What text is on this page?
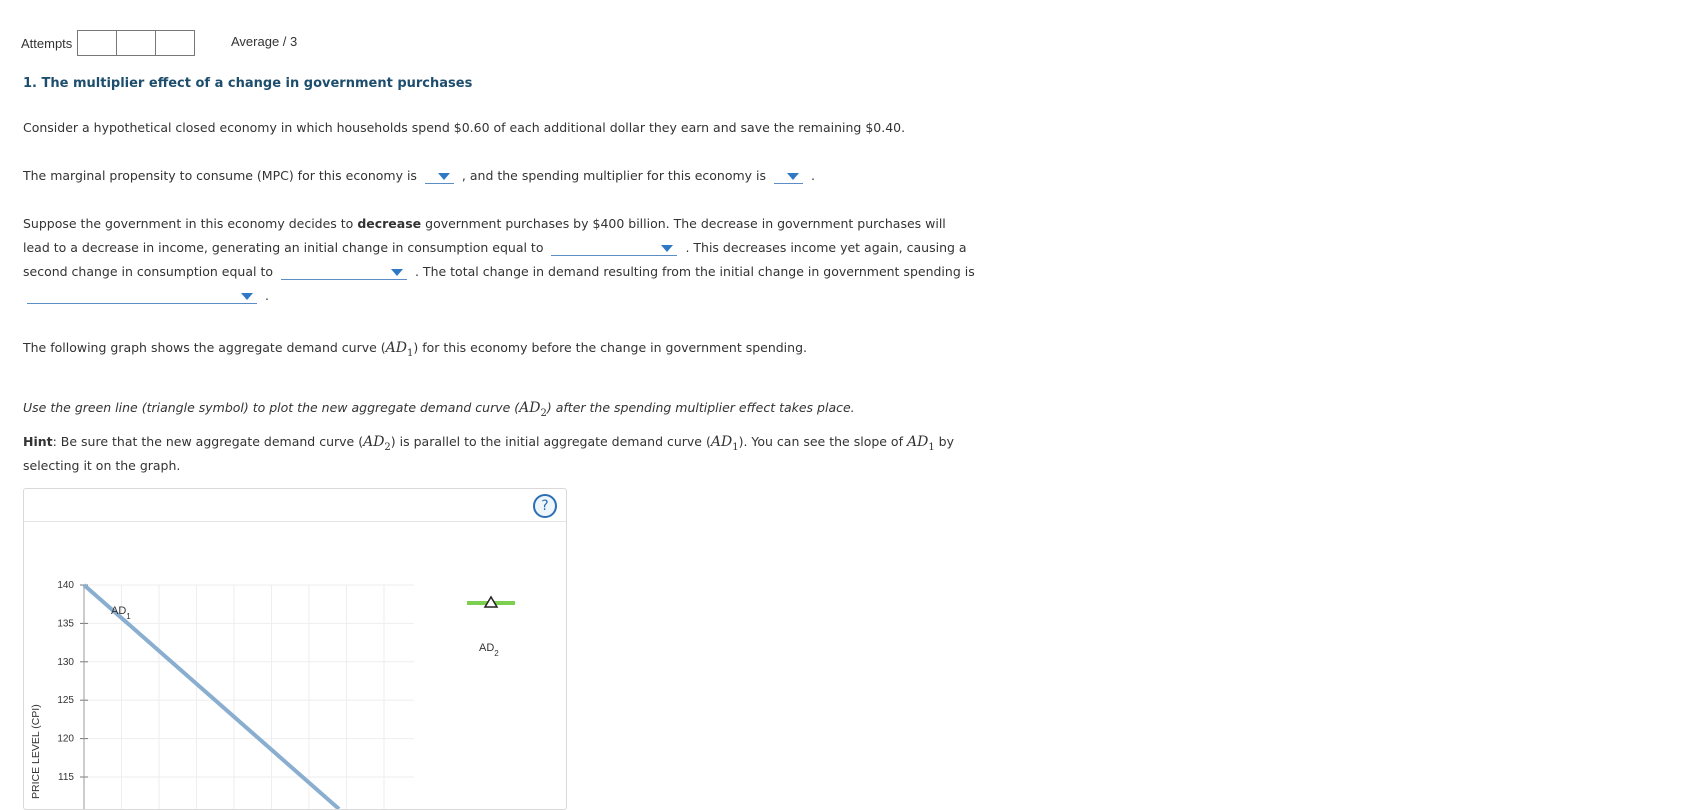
Attempts	Average / 3
1. The multiplier effect of a change in government purchases

Consider a hypothetical closed economy in which households spend $0.60 of each additional dollar they earn and save the remaining $0.40.

The marginal propensity to consume (MPC) for this economy is	, and the spending multiplier for this economy is	.

Suppose the government in this economy decides to decrease government purchases by $400 billion. The decrease in government purchases will

lead to a decrease in income, generating an initial change in consumption equal to	. This decreases income yet again, causing a

second change in consumption equal to	. The total change in demand resulting from the initial change in government spending is

.

The following graph shows the aggregate demand curve $(AD_1)$ for this economy before the change in government spending.

Use the green line (triangle symbol) to plot the new aggregate demand curve $(AD_2)$ after the spending multiplier effect takes place.

Hint: Be sure that the new aggregate demand curve $(AD_2)$ is parallel to the initial aggregate demand curve $(AD_1)$. You can see the slope of $AD_1$ by

selecting it on the graph.

?
140
135
130
125
120
115
$AD_1$
$AD_2$
PRICE LEVEL (CPI)
